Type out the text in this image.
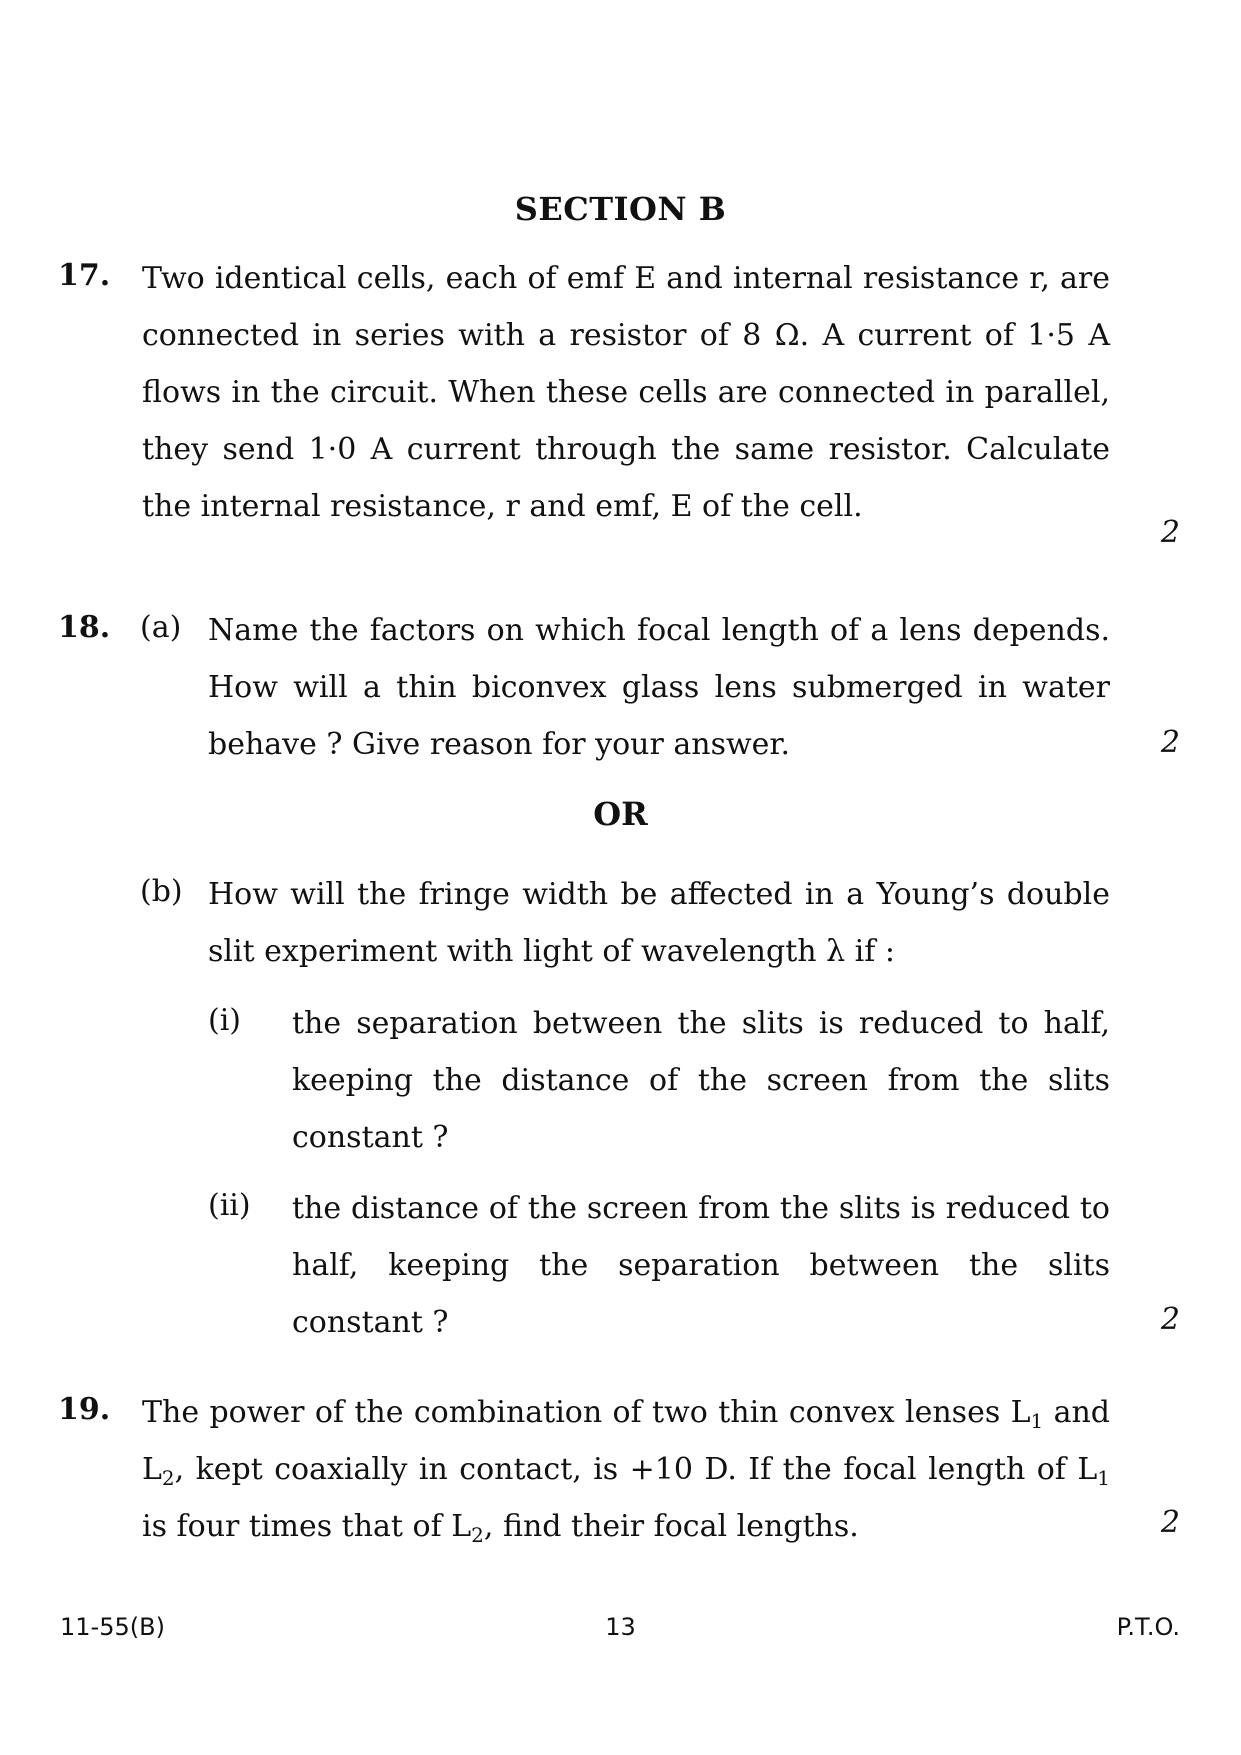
SECTION B
17. Two identical cells, each of emf E and internal resistance r, are
connected in series with a resistor of 8 Ω. A current of 1·5 A
flows in the circuit. When these cells are connected in parallel,
they send 1·0 A current through the same resistor. Calculate
the internal resistance, r and emf, E of the cell.
2
18. (a) Name the factors on which focal length of a lens depends.
How will a thin biconvex glass lens submerged in water
behave ? Give reason for your answer.	2
OR
(b) How will the fringe width be affected in a Young’s double
slit experiment with light of wavelength λ if :
(i) the separation between the slits is reduced to half,
keeping the distance of the screen from the slits
constant ?
(ii) the distance of the screen from the slits is reduced to
half, keeping the separation between the slits
constant ?	2
19. The power of the combination of two thin convex lenses $L_1$ and
$L_2$, kept coaxially in contact, is +10 D. If the focal length of $L_1$
is four times that of $L_2$, find their focal lengths.	2
11-55(B)	13	P.T.O.
